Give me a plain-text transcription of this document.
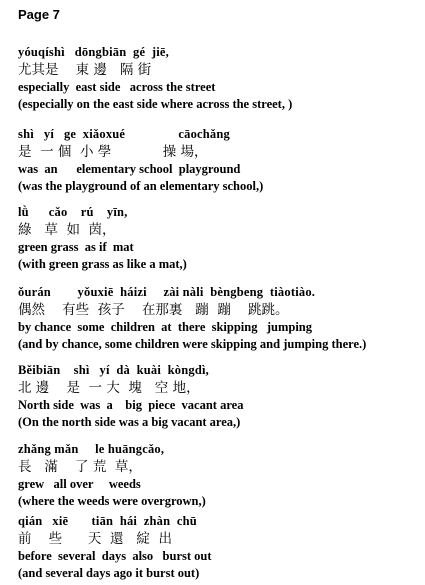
Page 7
yóuqíshì   dōngbiān  gé  jiē,
尤其是    東 邊   隔 街
especially  east side   across the street
(especially on the east side where across the street, )
shì   yí   ge  xiǎoxué                cāochǎng
是  一 個  小 學            操 場，
was  an      elementary school  playground
(was the playground of an elementary school,)
lǜ      cǎo    rú    yīn,
綠   草  如  茵，
green grass  as if  mat
(with green grass as like a mat,)
ǒurán        yǒuxiē  háizi     zài nàli  bèngbeng  tiàotiào.
偶然    有些  孩子    在那裏   蹦  蹦    跳跳。
by chance  some  children  at  there  skipping   jumping
(and by chance, some children were skipping and jumping there.)
Běibiān    shì   yí  dà  kuài  kòngdì,
北 邊    是  一 大  塊   空 地，
North side  was  a    big  piece  vacant area
(On the north side was a big vacant area,)
zhǎng mǎn     le huāngcǎo,
長   滿    了 荒  草，
grew   all over     weeds
(where the weeds were overgrown,)
qián   xiē       tiān  hái  zhàn  chū
前    些      天  還   綻  出
before  several  days  also   burst out
(and several days ago it burst out)
